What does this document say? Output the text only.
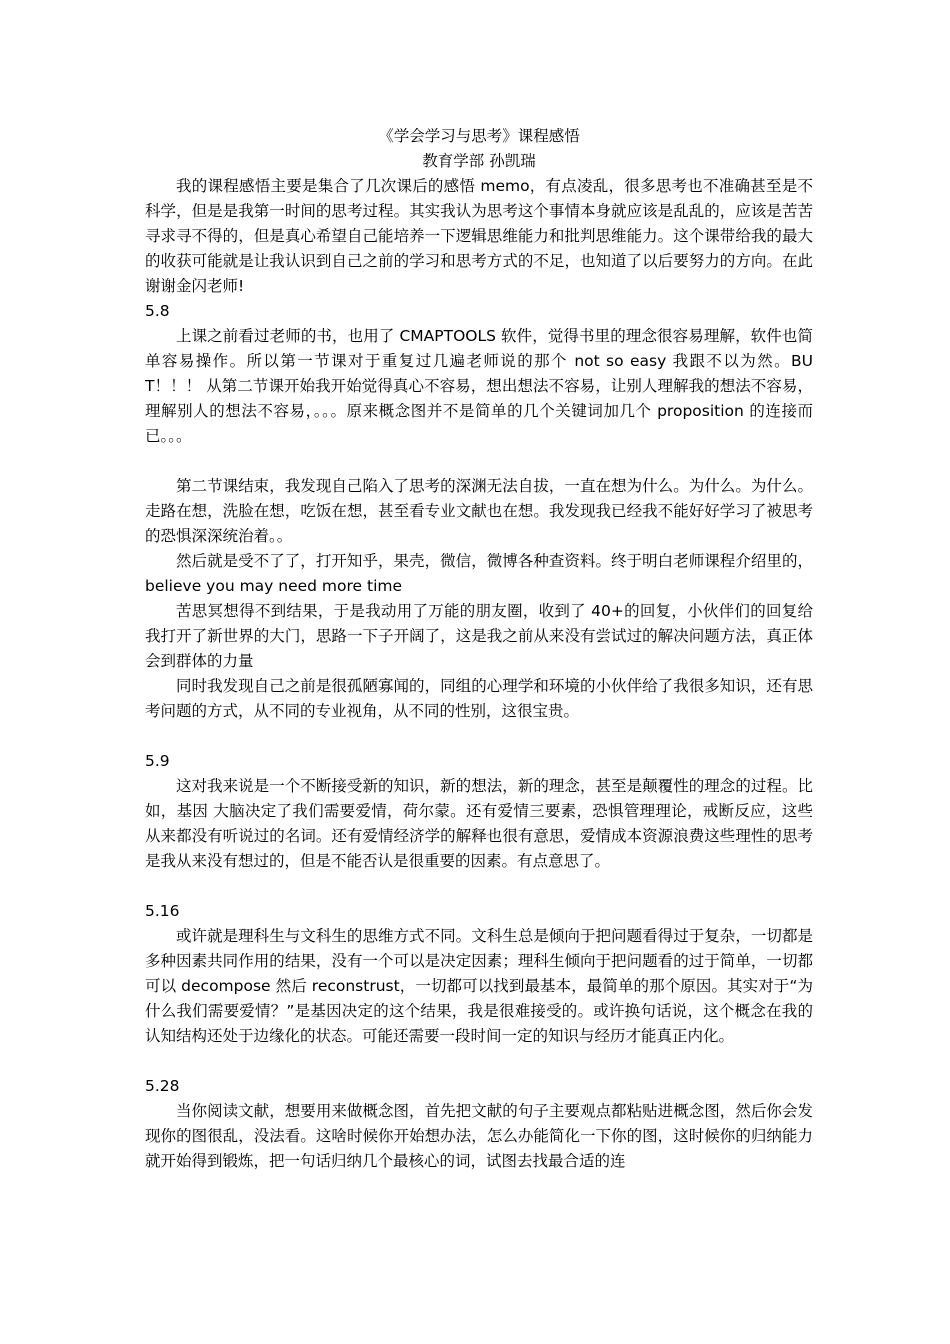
《学会学习与思考》课程感悟

教育学部 孙凯瑞

我的课程感悟主要是集合了几次课后的感悟 memo，有点凌乱，很多思考也不准确甚至是不科学，但是是我第一时间的思考过程。其实我认为思考这个事情本身就应该是乱乱的，应该是苦苦寻求寻不得的，但是真心希望自己能培养一下逻辑思维能力和批判思维能力。这个课带给我的最大的收获可能就是让我认识到自己之前的学习和思考方式的不足，也知道了以后要努力的方向。在此谢谢金闪老师!

5.8

上课之前看过老师的书，也用了 CMAPTOOLS 软件，觉得书里的理念很容易理解，软件也简单容易操作。所以第一节课对于重复过几遍老师说的那个 not so easy 我跟不以为然。BUT！！！ 从第二节课开始我开始觉得真心不容易，想出想法不容易，让别人理解我的想法不容易，理解别人的想法不容易，。。。原来概念图并不是简单的几个关键词加几个 proposition 的连接而已。。。

第二节课结束，我发现自己陷入了思考的深渊无法自拔，一直在想为什么。为什么。为什么。走路在想，洗脸在想，吃饭在想，甚至看专业文献也在想。我发现我已经我不能好好学习了被思考的恐惧深深统治着。。

然后就是受不了了，打开知乎，果壳，微信，微博各种查资料。终于明白老师课程介绍里的，believe you may need more time

苦思冥想得不到结果，于是我动用了万能的朋友圈，收到了 40+的回复，小伙伴们的回复给我打开了新世界的大门，思路一下子开阔了，这是我之前从来没有尝试过的解决问题方法，真正体会到群体的力量

同时我发现自己之前是很孤陋寡闻的，同组的心理学和环境的小伙伴给了我很多知识，还有思考问题的方式，从不同的专业视角，从不同的性别，这很宝贵。

5.9

这对我来说是一个不断接受新的知识，新的想法，新的理念，甚至是颠覆性的理念的过程。比如，基因 大脑决定了我们需要爱情，荷尔蒙。还有爱情三要素，恐惧管理理论，戒断反应，这些从来都没有听说过的名词。还有爱情经济学的解释也很有意思，爱情成本资源浪费这些理性的思考是我从来没有想过的，但是不能否认是很重要的因素。有点意思了。

5.16

或许就是理科生与文科生的思维方式不同。文科生总是倾向于把问题看得过于复杂，一切都是多种因素共同作用的结果，没有一个可以是决定因素；理科生倾向于把问题看的过于简单，一切都可以 decompose 然后 reconstrust，一切都可以找到最基本，最简单的那个原因。其实对于“为什么我们需要爱情？”是基因决定的这个结果，我是很难接受的。或许换句话说，这个概念在我的认知结构还处于边缘化的状态。可能还需要一段时间一定的知识与经历才能真正内化。

5.28

当你阅读文献，想要用来做概念图，首先把文献的句子主要观点都粘贴进概念图，然后你会发现你的图很乱，没法看。这啥时候你开始想办法，怎么办能简化一下你的图，这时候你的归纳能力就开始得到锻炼，把一句话归纳几个最核心的词，试图去找最合适的连
